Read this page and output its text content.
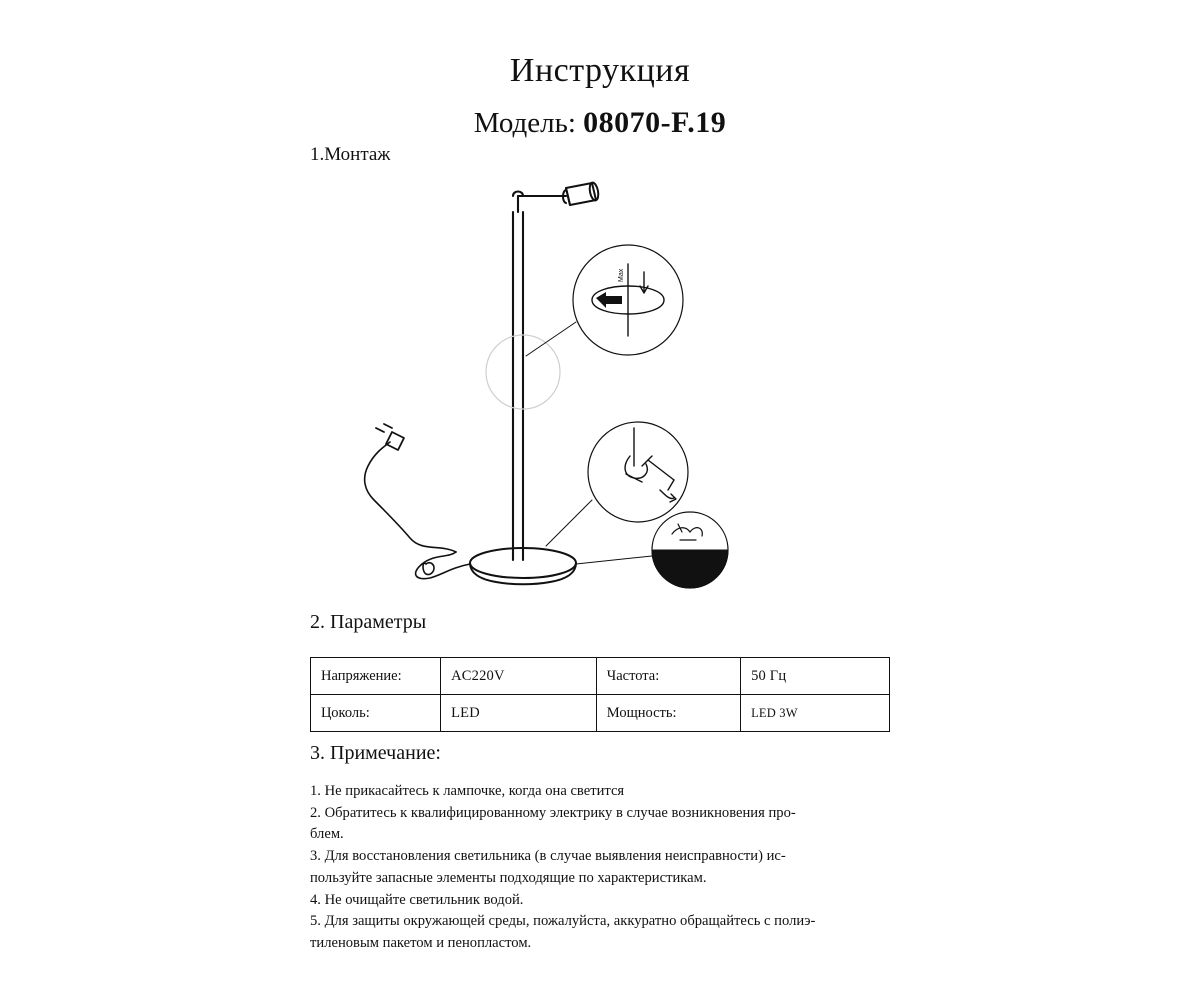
Инструкция
Модель: 08070-F.19
1.Монтаж
Max
2. Параметры
Напряжение:	AC220V	Частота:	50 Гц
Цоколь:	LED	Мощность:	LED 3W
3. Примечание:

1. Не прикасайтесь к лампочке, когда она светится

2. Обратитесь к квалифицированному электрику в случае возникновения про-

блем.

3. Для восстановления светильника (в случае выявления неисправности) ис-

пользуйте запасные элементы подходящие по характеристикам.

4. Не очищайте светильник водой.

5. Для защиты окружающей среды, пожалуйста, аккуратно обращайтесь с полиэ-

тиленовым пакетом и пенопластом.
